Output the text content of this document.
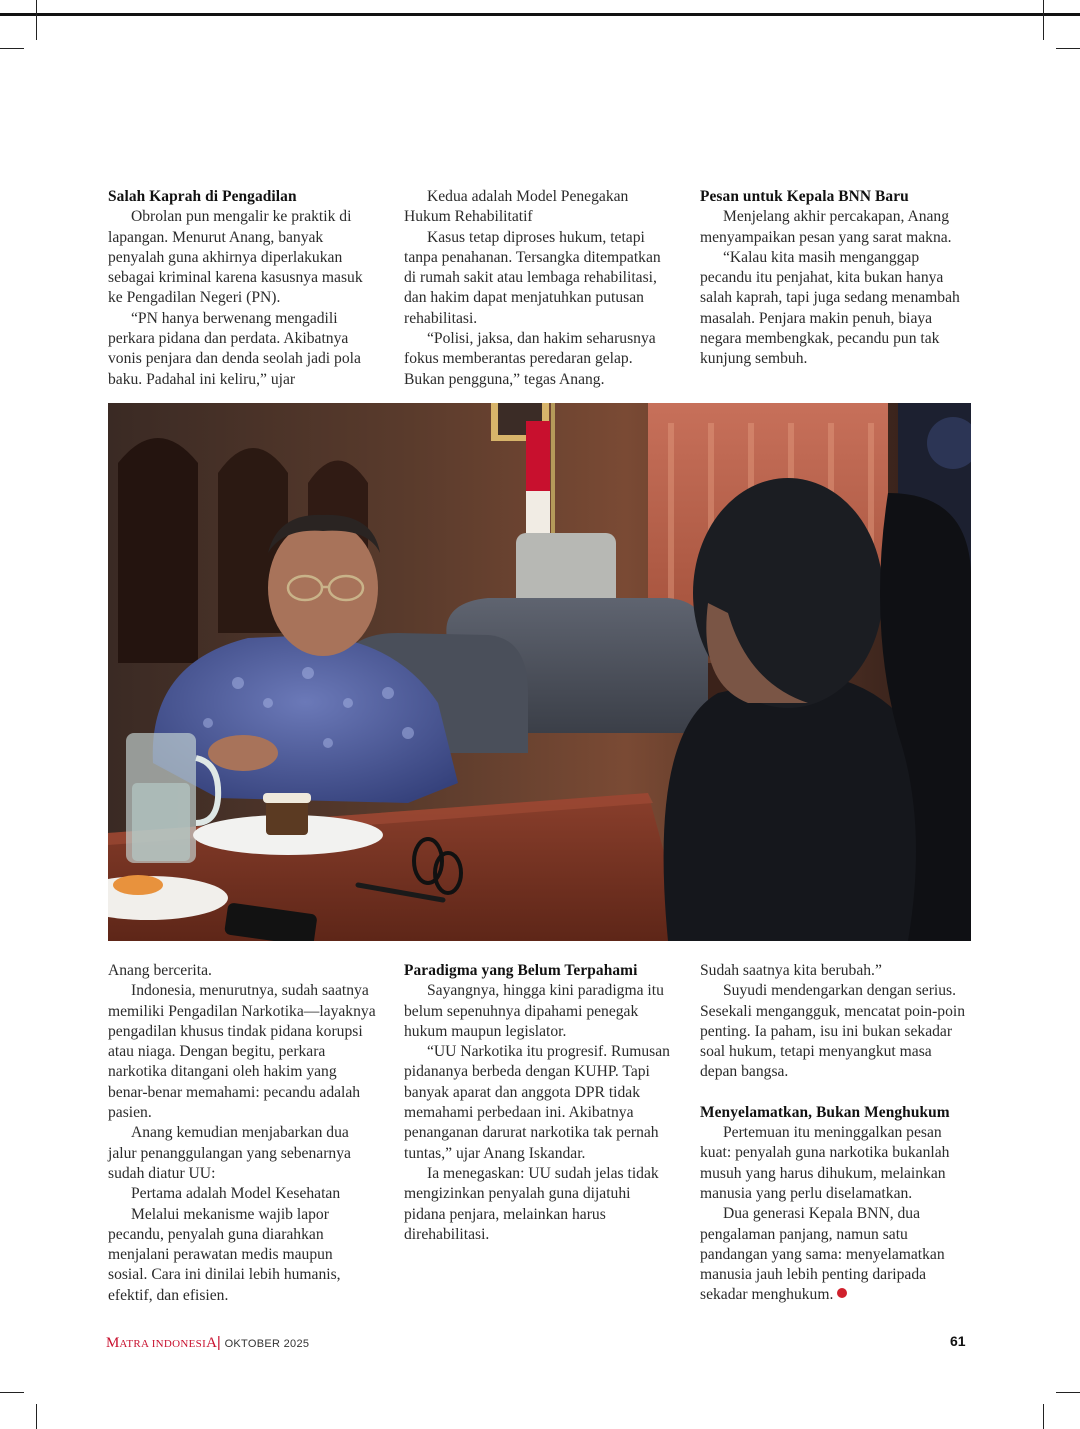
Salah Kaprah di Pengadilan

Obrolan pun mengalir ke praktik di lapangan. Menurut Anang, banyak penyalah guna akhirnya diperlakukan sebagai kriminal karena kasusnya masuk ke Pengadilan Negeri (PN).

“PN hanya berwenang mengadili perkara pidana dan perdata. Akibatnya vonis penjara dan denda seolah jadi pola baku. Padahal ini keliru,” ujar

Kedua adalah Model Penegakan Hukum Rehabilitatif

Kasus tetap diproses hukum, tetapi tanpa penahanan. Tersangka ditempatkan di rumah sakit atau lembaga rehabilitasi, dan hakim dapat menjatuhkan putusan rehabilitasi.

“Polisi, jaksa, dan hakim seharusnya fokus memberantas peredaran gelap. Bukan pengguna,” tegas Anang.

Pesan untuk Kepala BNN Baru

Menjelang akhir percakapan, Anang menyampaikan pesan yang sarat makna.

“Kalau kita masih menganggap pecandu itu penjahat, kita bukan hanya salah kaprah, tapi juga sedang menambah masalah. Penjara makin penuh, biaya negara membengkak, pecandu pun tak kunjung sembuh.

Anang bercerita.

Indonesia, menurutnya, sudah saatnya memiliki Pengadilan Narkotika—layaknya pengadilan khusus tindak pidana korupsi atau niaga. Dengan begitu, perkara narkotika ditangani oleh hakim yang benar-benar memahami: pecandu adalah pasien.

Anang kemudian menjabarkan dua jalur penanggulangan yang sebenarnya sudah diatur UU:

Pertama adalah Model Kesehatan

Melalui mekanisme wajib lapor pecandu, penyalah guna diarahkan menjalani perawatan medis maupun sosial. Cara ini dinilai lebih humanis, efektif, dan efisien.

Paradigma yang Belum Terpahami

Sayangnya, hingga kini paradigma itu belum sepenuhnya dipahami penegak hukum maupun legislator.

“UU Narkotika itu progresif. Rumusan pidananya berbeda dengan KUHP. Tapi banyak aparat dan anggota DPR tidak memahami perbedaan ini. Akibatnya penanganan darurat narkotika tak pernah tuntas,” ujar Anang Iskandar.

Ia menegaskan: UU sudah jelas tidak mengizinkan penyalah guna dijatuhi pidana penjara, melainkan harus direhabilitasi.

Sudah saatnya kita berubah.”

Suyudi mendengarkan dengan serius. Sesekali mengangguk, mencatat poin-poin penting. Ia paham, isu ini bukan sekadar soal hukum, tetapi menyangkut masa depan bangsa.

Menyelamatkan, Bukan Menghukum

Pertemuan itu meninggalkan pesan kuat: penyalah guna narkotika bukanlah musuh yang harus dihukum, melainkan manusia yang perlu diselamatkan.

Dua generasi Kepala BNN, dua pengalaman panjang, namun satu pandangan yang sama: menyelamatkan manusia jauh lebih penting daripada sekadar menghukum.

MATRA INDONESIA| OKTOBER 2025	61
